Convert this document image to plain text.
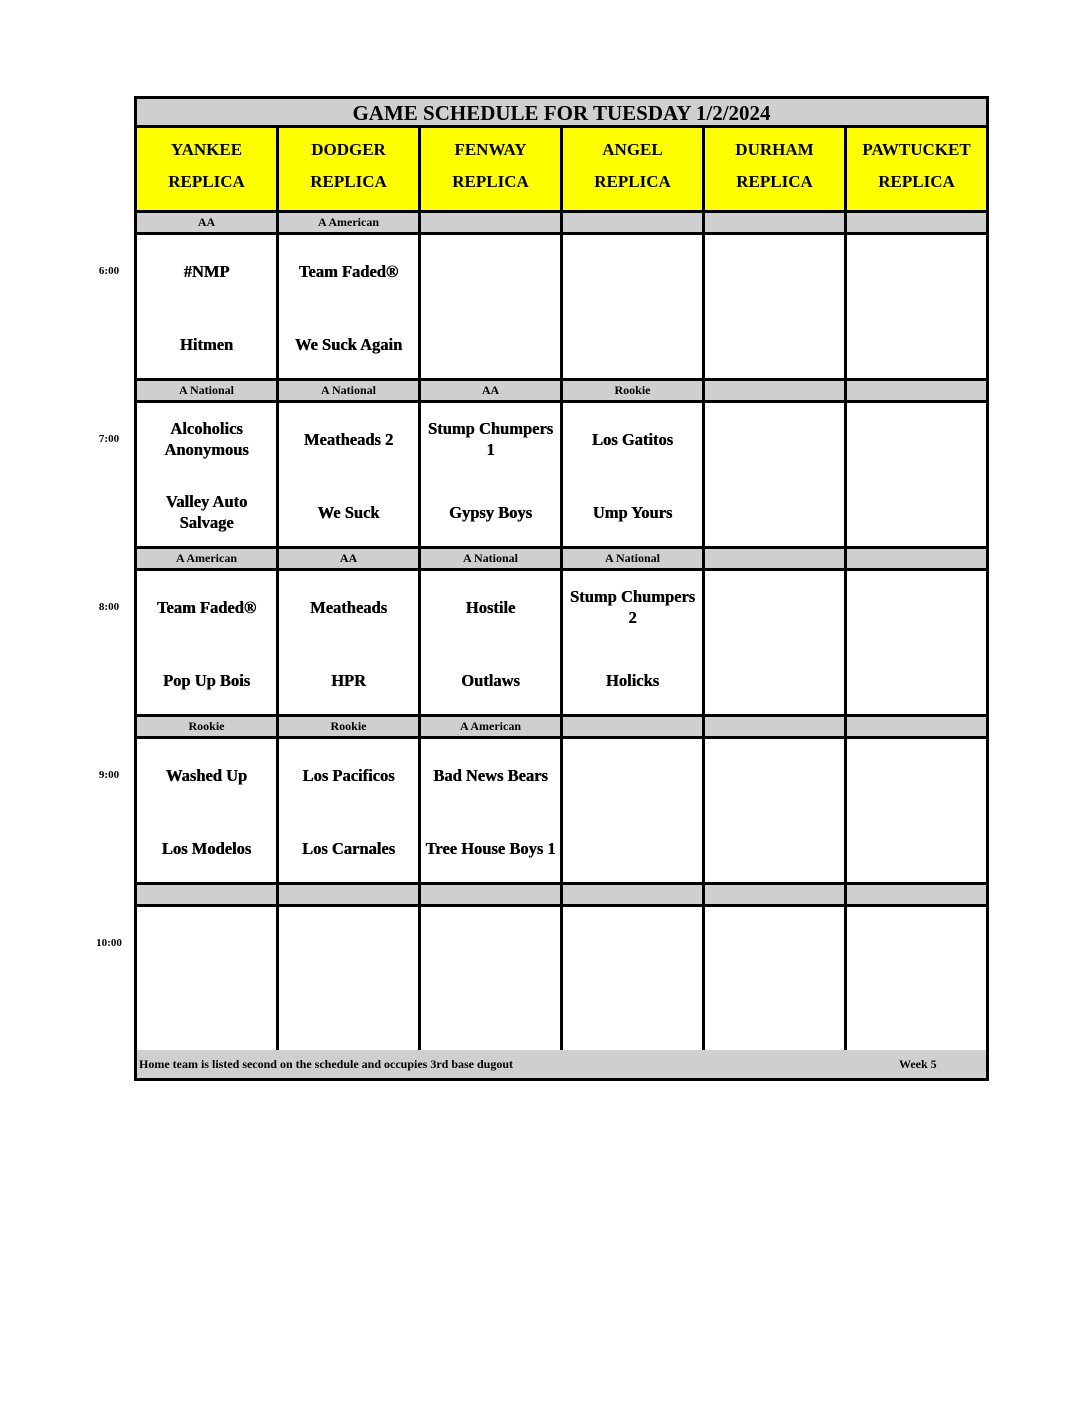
6:00
7:00
8:00
9:00
10:00
GAME SCHEDULE FOR TUESDAY 1/2/2024
YANKEE
REPLICA
DODGER
REPLICA
FENWAY
REPLICA
ANGEL
REPLICA
DURHAM
REPLICA
PAWTUCKET
REPLICA
AA
#NMP
Hitmen
A American
Team Faded®
We Suck Again
A National
Alcoholics Anonymous
Valley Auto Salvage
A National
Meatheads 2
We Suck
AA
Stump Chumpers 1
Gypsy Boys
Rookie
Los Gatitos
Ump Yours
A American
Team Faded®
Pop Up Bois
AA
Meatheads
HPR
A National
Hostile
Outlaws
A National
Stump Chumpers 2
Holicks
Rookie
Washed Up
Los Modelos
Rookie
Los Pacificos
Los Carnales
A American
Bad News Bears
Tree House Boys 1
Home team is listed second on the schedule and occupies 3rd base dugout	Week 5
